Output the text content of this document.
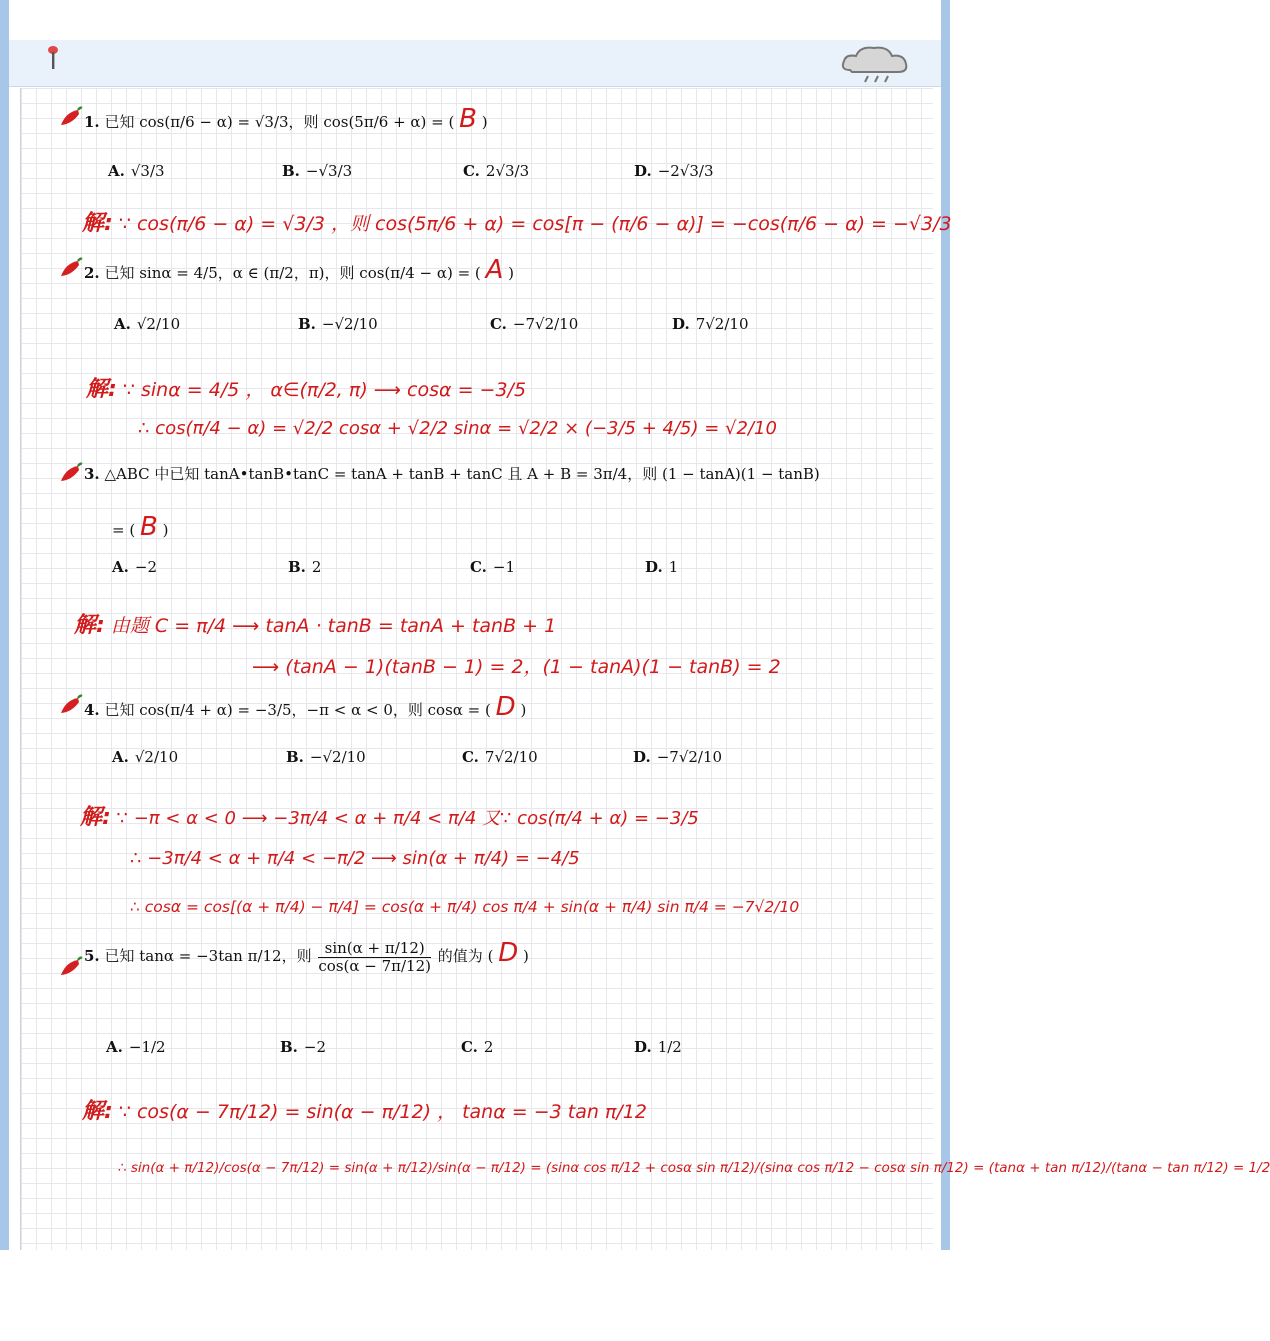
1. 已知 cos(π/6 − α) = √3/3，则 cos(5π/6 + α) = ( B )
A. √3/3	B. −√3/3	C. 2√3/3	D. −2√3/3
解: ∵ cos(π/6 − α) = √3/3 ，则 cos(5π/6 + α) = cos[π − (π/6 − α)] = −cos(π/6 − α) = −√3/3
2. 已知 sinα = 4/5，α ∈ (π/2，π)，则 cos(π/4 − α) = ( A )
A. √2/10	B. −√2/10	C. −7√2/10	D. 7√2/10
解: ∵ sinα = 4/5 ， α∈(π/2, π) ⟶ cosα = −3/5
∴ cos(π/4 − α) = √2/2 cosα + √2/2 sinα = √2/2 × (−3/5 + 4/5) = √2/10
3. △ABC 中已知 tanA•tanB•tanC = tanA + tanB + tanC 且 A + B = 3π/4，则 (1 − tanA)(1 − tanB)
= ( B )
A. −2	B. 2	C. −1	D. 1
解: 由题 C = π/4 ⟶ tanA · tanB = tanA + tanB + 1
⟶ (tanA − 1)(tanB − 1) = 2，(1 − tanA)(1 − tanB) = 2
4. 已知 cos(π/4 + α) = −3/5，−π < α < 0，则 cosα = ( D )
A. √2/10	B. −√2/10	C. 7√2/10	D. −7√2/10
解: ∵ −π < α < 0 ⟶ −3π/4 < α + π/4 < π/4 又∵ cos(π/4 + α) = −3/5
∴ −3π/4 < α + π/4 < −π/2 ⟶ sin(α + π/4) = −4/5
∴ cosα = cos[(α + π/4) − π/4] = cos(α + π/4) cos π/4 + sin(α + π/4) sin π/4 = −7√2/10
5. 已知 tanα = −3tan π/12，则 $\frac{\sin(\alpha + \pi/12)}{\cos(\alpha - 7\pi/12)}$ 的值为 ( D )
A. −1/2	B. −2	C. 2	D. 1/2
解: ∵ cos(α − 7π/12) = sin(α − π/12) ， tanα = −3 tan π/12
∴ sin(α + π/12)/cos(α − 7π/12) = sin(α + π/12)/sin(α − π/12) = (sinα cos π/12 + cosα sin π/12)/(sinα cos π/12 − cosα sin π/12) = (tanα + tan π/12)/(tanα − tan π/12) = 1/2
